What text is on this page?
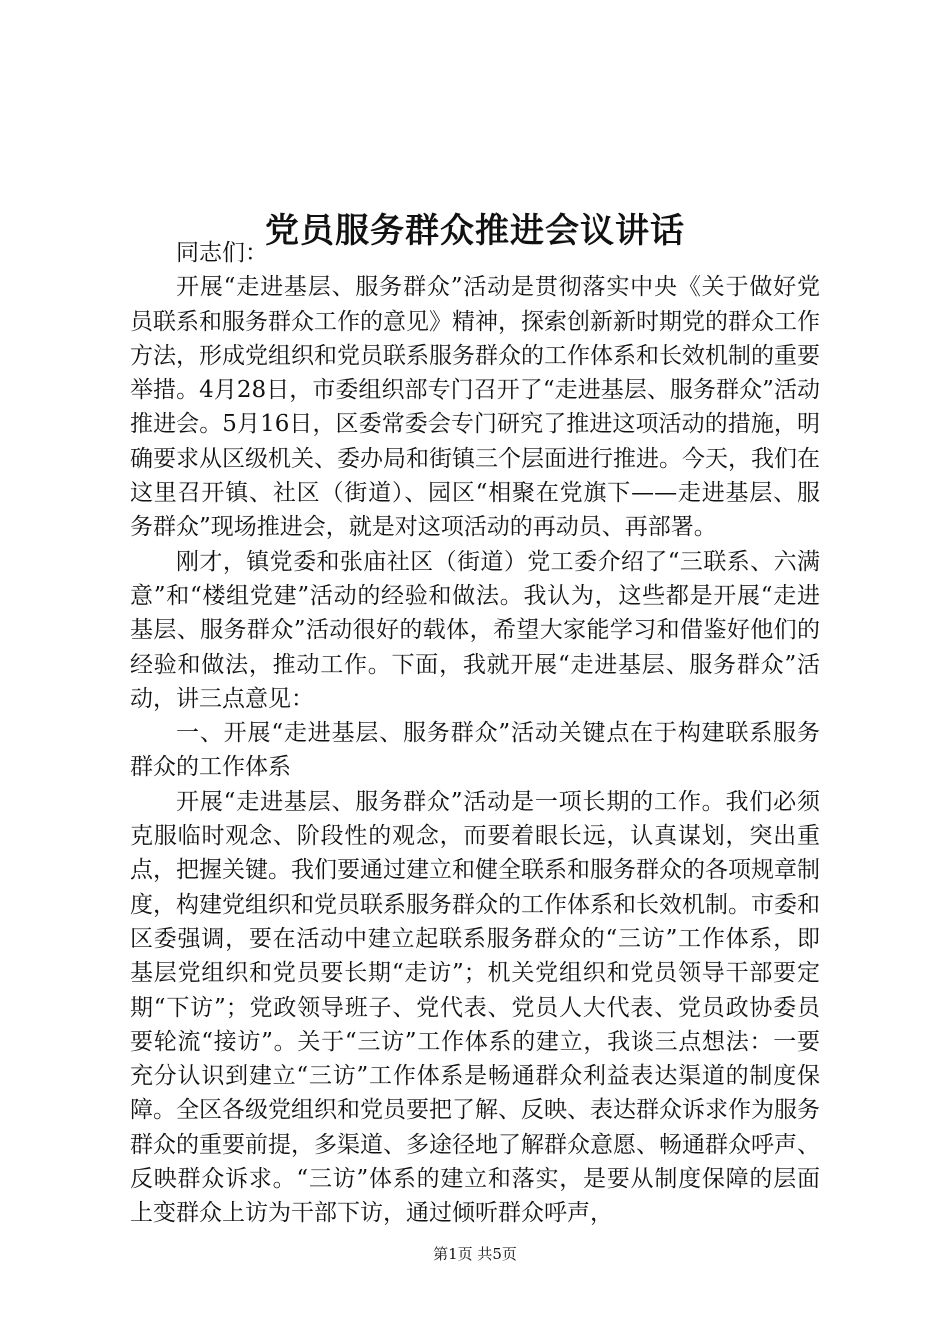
党员服务群众推进会议讲话

同志们：

开展“走进基层、服务群众”活动是贯彻落实中央《关于做好党员联系和服务群众工作的意见》精神，探索创新新时期党的群众工作方法，形成党组织和党员联系服务群众的工作体系和长效机制的重要举措。4月28日，市委组织部专门召开了“走进基层、服务群众”活动推进会。5月16日，区委常委会专门研究了推进这项活动的措施，明确要求从区级机关、委办局和街镇三个层面进行推进。今天，我们在这里召开镇、社区（街道）、园区“相聚在党旗下——走进基层、服务群众”现场推进会，就是对这项活动的再动员、再部署。

刚才，镇党委和张庙社区（街道）党工委介绍了“三联系、六满意”和“楼组党建”活动的经验和做法。我认为，这些都是开展“走进基层、服务群众”活动很好的载体，希望大家能学习和借鉴好他们的经验和做法，推动工作。下面，我就开展“走进基层、服务群众”活动，讲三点意见：

一、开展“走进基层、服务群众”活动关键点在于构建联系服务群众的工作体系

开展“走进基层、服务群众”活动是一项长期的工作。我们必须克服临时观念、阶段性的观念，而要着眼长远，认真谋划，突出重点，把握关键。我们要通过建立和健全联系和服务群众的各项规章制度，构建党组织和党员联系服务群众的工作体系和长效机制。市委和区委强调，要在活动中建立起联系服务群众的“三访”工作体系，即基层党组织和党员要长期“走访”；机关党组织和党员领导干部要定期“下访”；党政领导班子、党代表、党员人大代表、党员政协委员要轮流“接访”。关于“三访”工作体系的建立，我谈三点想法：一要充分认识到建立“三访”工作体系是畅通群众利益表达渠道的制度保障。全区各级党组织和党员要把了解、反映、表达群众诉求作为服务群众的重要前提，多渠道、多途径地了解群众意愿、畅通群众呼声、反映群众诉求。“三访”体系的建立和落实，是要从制度保障的层面上变群众上访为干部下访，通过倾听群众呼声，

第1页 共5页
